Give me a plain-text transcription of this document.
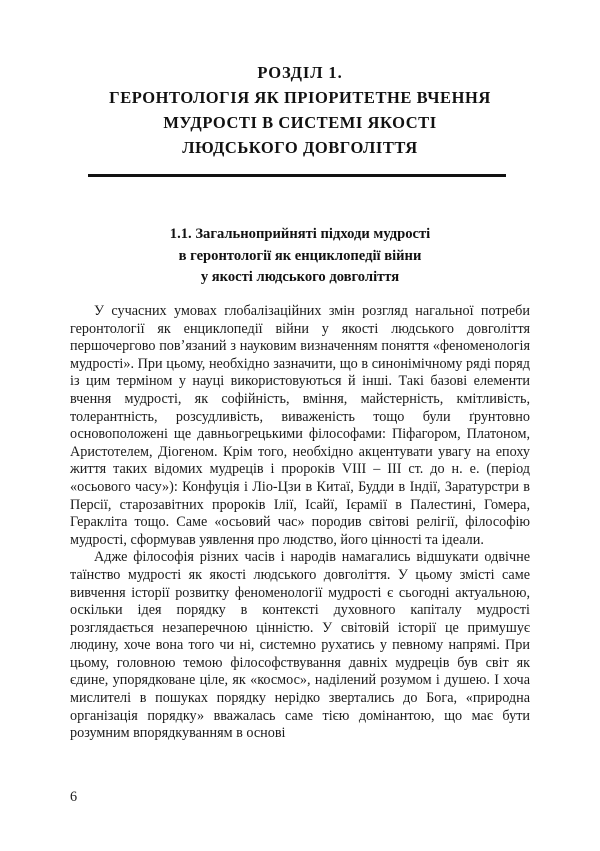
РОЗДІЛ 1.
ГЕРОНТОЛОГІЯ ЯК ПРІОРИТЕТНЕ ВЧЕННЯ
МУДРОСТІ В СИСТЕМІ ЯКОСТІ
ЛЮДСЬКОГО ДОВГОЛІТТЯ
1.1. Загальноприйняті підходи мудрості
в геронтології як енциклопедії війни
у якості людського довголіття

У сучасних умовах глобалізаційних змін розгляд нагальної потреби геронтології як енциклопедії війни у якості людського довголіття першочергово повʼязаний з науковим визначенням поняття «феноменологія мудрості». При цьому, необхідно зазначити, що в синонімічному ряді поряд із цим терміном у науці використовуються й інші. Такі базові елементи вчення мудрості, як софійність, вміння, майстерність, кмітливість, толерантність, розсудливість, виваженість тощо були ґрунтовно основоположені ще давньогрецькими філософами: Піфагором, Платоном, Аристотелем, Діогеном. Крім того, необхідно акцентувати увагу на епоху життя таких відомих мудреців і пророків VIII – III ст. до н. е. (період «осьового часу»): Конфуція і Ліо-Цзи в Китаї, Будди в Індії, Заратурстри в Персії, старозавітних пророків Ілії, Ісайї, Ієрамії в Палестині, Гомера, Геракліта тощо. Саме «осьовий час» породив світові релігії, філософію мудрості, сформував уявлення про людство, його цінності та ідеали.

Адже філософія різних часів і народів намагались відшукати одвічне таїнство мудрості як якості людського довголіття. У цьому змісті саме вивчення історії розвитку феноменології мудрості є сьогодні актуальною, оскільки ідея порядку в контексті духовного капіталу мудрості розглядається незаперечною цінністю. У світовій історії це примушує людину, хоче вона того чи ні, системно рухатись у певному напрямі. При цьому, головною темою філософствування давніх мудреців був світ як єдине, упорядковане ціле, як «космос», наділений розумом і душею. І хоча мислителі в пошуках порядку нерідко звертались до Бога, «природна організація порядку» вважалась саме тією домінантою, що має бути розумним впорядкуванням в основі

6
